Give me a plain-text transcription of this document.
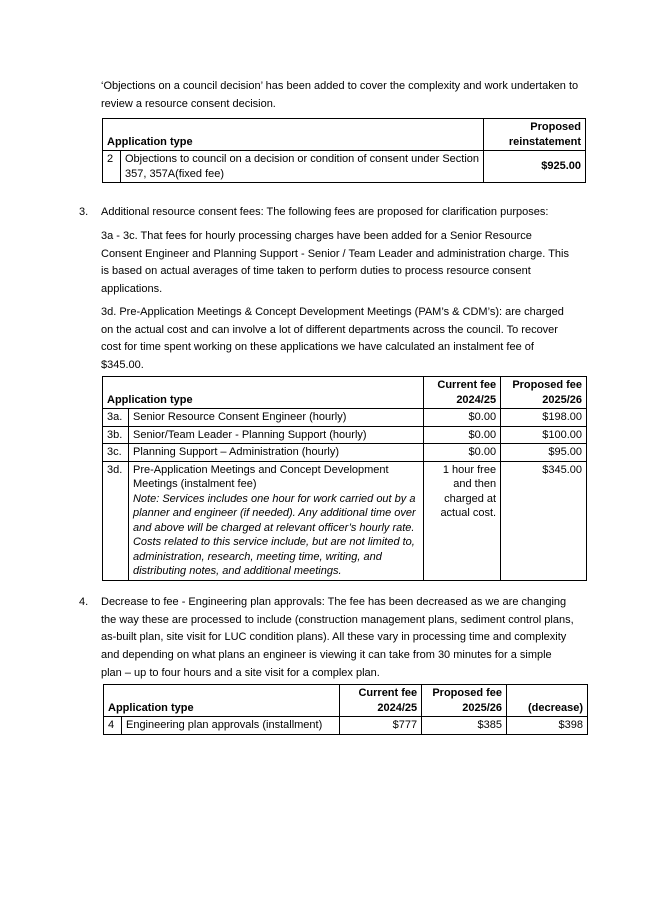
‘Objections on a council decision’ has been added to cover the complexity and work undertaken to review a resource consent decision.

Application type		Proposed reinstatement
2	Objections to council on a decision or condition of consent under Section 357, 357A(fixed fee)	$925.00
3. Additional resource consent fees: The following fees are proposed for clarification purposes:

3a - 3c. That fees for hourly processing charges have been added for a Senior Resource Consent Engineer and Planning Support - Senior / Team Leader and administration charge. This is based on actual averages of time taken to perform duties to process resource consent applications.

3d. Pre-Application Meetings & Concept Development Meetings (PAM’s & CDM’s): are charged on the actual cost and can involve a lot of different departments across the council. To recover cost for time spent working on these applications we have calculated an instalment fee of $345.00.

Application type		Current fee 2024/25	Proposed fee 2025/26
3a.	Senior Resource Consent Engineer (hourly)	$0.00	$198.00
3b.	Senior/Team Leader - Planning Support (hourly)	$0.00	$100.00
3c.	Planning Support – Administration (hourly)	$0.00	$95.00
3d.	Pre-Application Meetings and Concept Development Meetings (instalment fee)
Note: Services includes one hour for work carried out by a planner and engineer (if needed). Any additional time over and above will be charged at relevant officer’s hourly rate. Costs related to this service include, but are not limited to, administration, research, meeting time, writing, and distributing notes, and additional meetings.	1 hour free and then charged at actual cost.	$345.00
4. Decrease to fee - Engineering plan approvals: The fee has been decreased as we are changing the way these are processed to include (construction management plans, sediment control plans, as-built plan, site visit for LUC condition plans). All these vary in processing time and complexity and depending on what plans an engineer is viewing it can take from 30 minutes for a simple plan – up to four hours and a site visit for a complex plan.

Application type		Current fee 2024/25	Proposed fee 2025/26	(decrease)
4	Engineering plan approvals (installment)	$777	$385	$398
